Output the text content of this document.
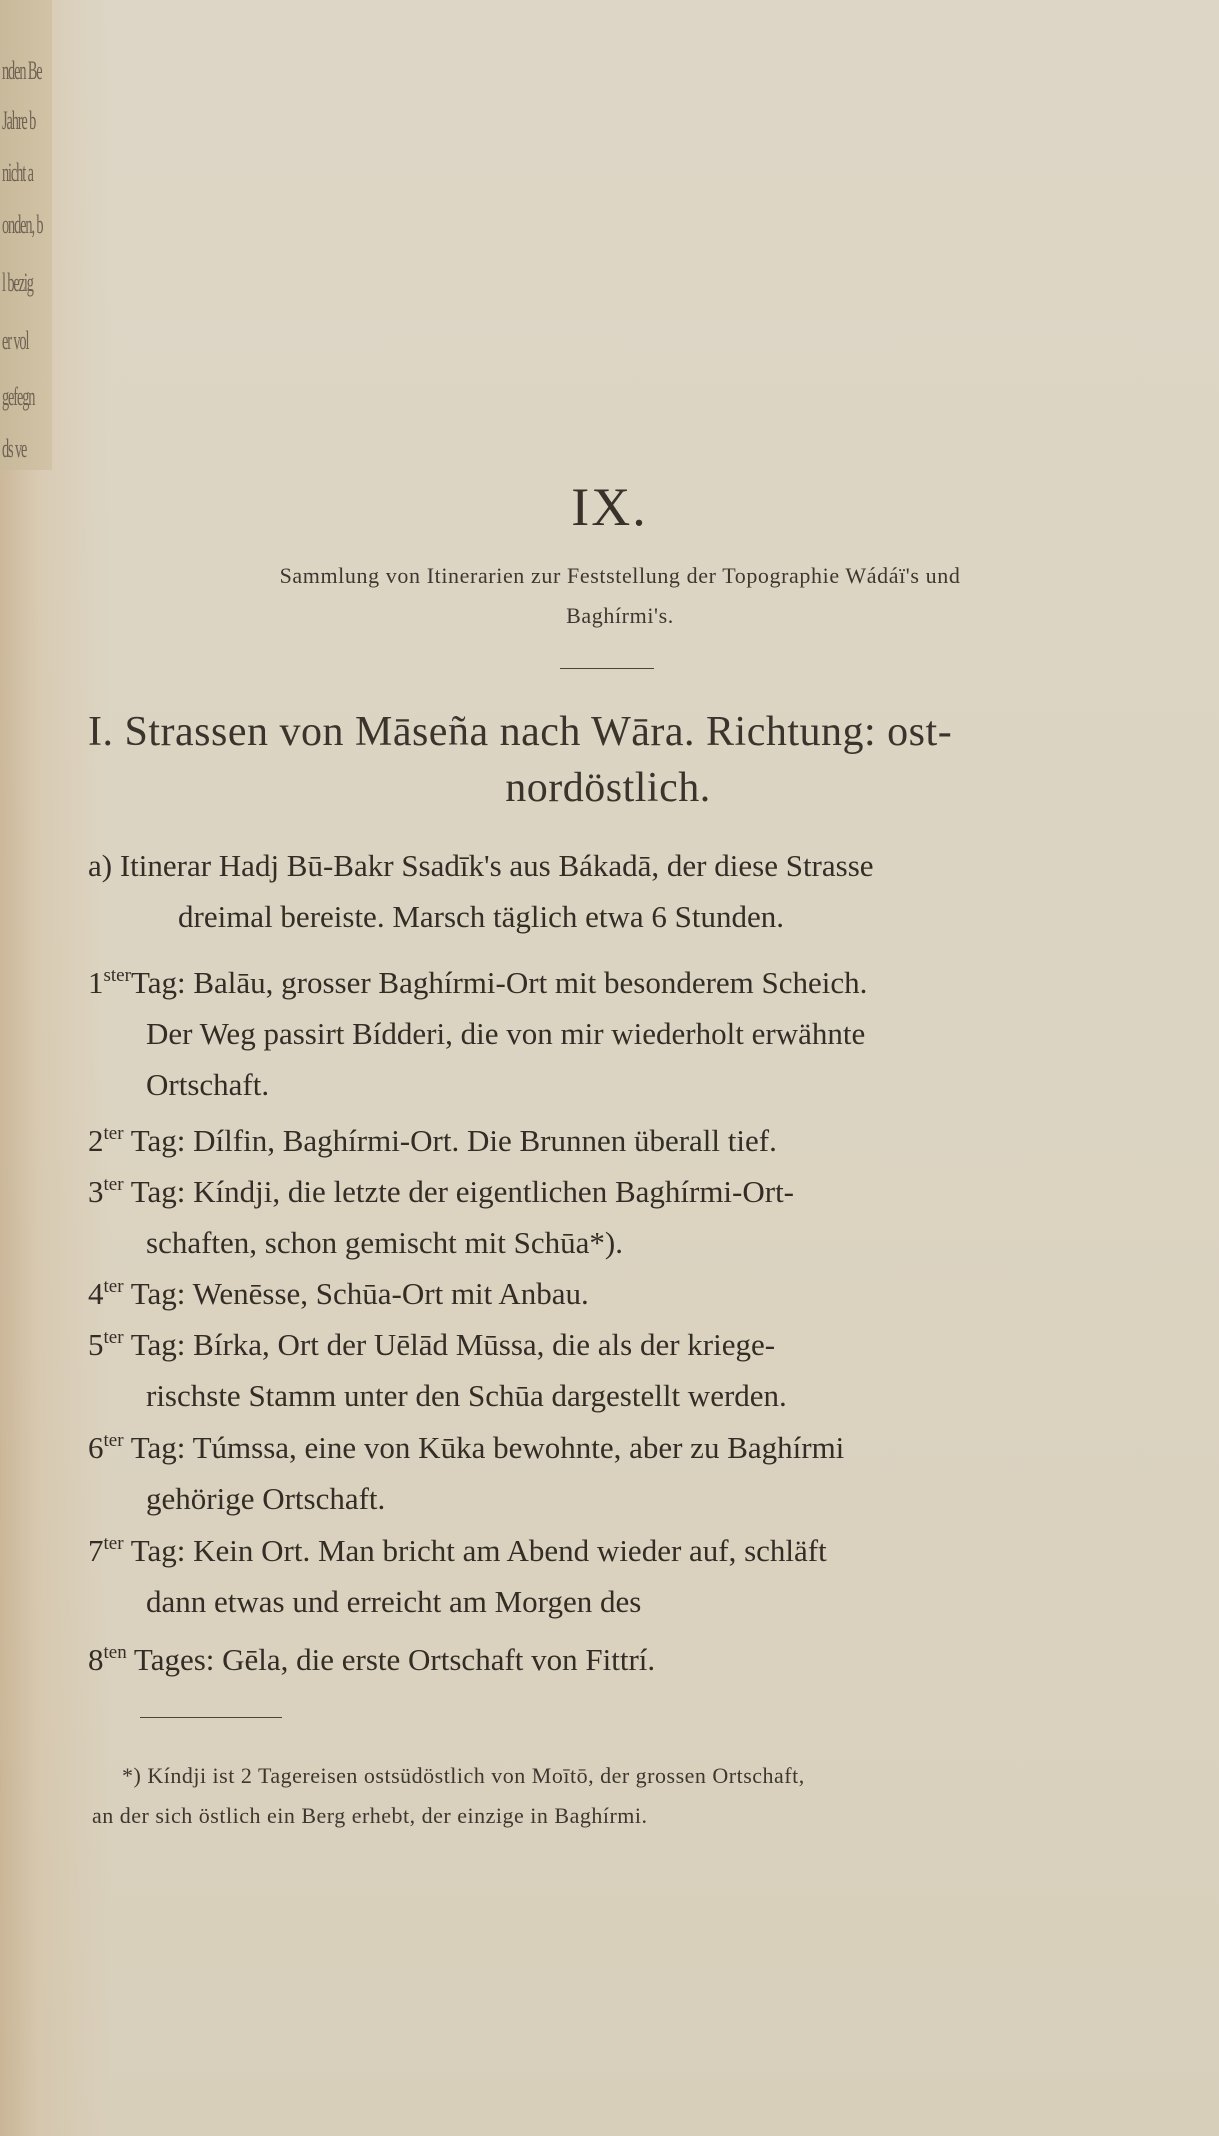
nden Be
Jahre b
nicht a
onden, b
l bezig
er vol
gefegn
ds ve
IX.
Sammlung von Itinerarien zur Feststellung der Topographie Wádáï's und
Baghírmi's.
I. Strassen von Māseña nach Wāra. Richtung: ost-
nordöstlich.
a) Itinerar Hadj Bū-Bakr Ssadīk's aus Bákadā, der diese Strasse
dreimal bereiste. Marsch täglich etwa 6 Stunden.
$1^{ster}Tag$: Balāu, grosser Baghírmi-Ort mit besonderem Scheich.
Der Weg passirt Bídderi, die von mir wiederholt erwähnte
Ortschaft.
$2^{ter}$ Tag: Dílfin, Baghírmi-Ort. Die Brunnen überall tief.
$3^{ter}$ Tag: Kíndji, die letzte der eigentlichen Baghírmi-Ort-
schaften, schon gemischt mit Schūa*).
$4^{ter}$ Tag: Wenēsse, Schūa-Ort mit Anbau.
$5^{ter}$ Tag: Bírka, Ort der Uēlād Mūssa, die als der kriege-
rischste Stamm unter den Schūa dargestellt werden.
$6^{ter}$ Tag: Túmssa, eine von Kūka bewohnte, aber zu Baghírmi
gehörige Ortschaft.
$7^{ter}$ Tag: Kein Ort. Man bricht am Abend wieder auf, schläft
dann etwas und erreicht am Morgen des
$8^{ten}$ Tages: Gēla, die erste Ortschaft von Fittrí.
*) Kíndji ist 2 Tagereisen ostsüdöstlich von Moītō, der grossen Ortschaft,
an der sich östlich ein Berg erhebt, der einzige in Baghírmi.
